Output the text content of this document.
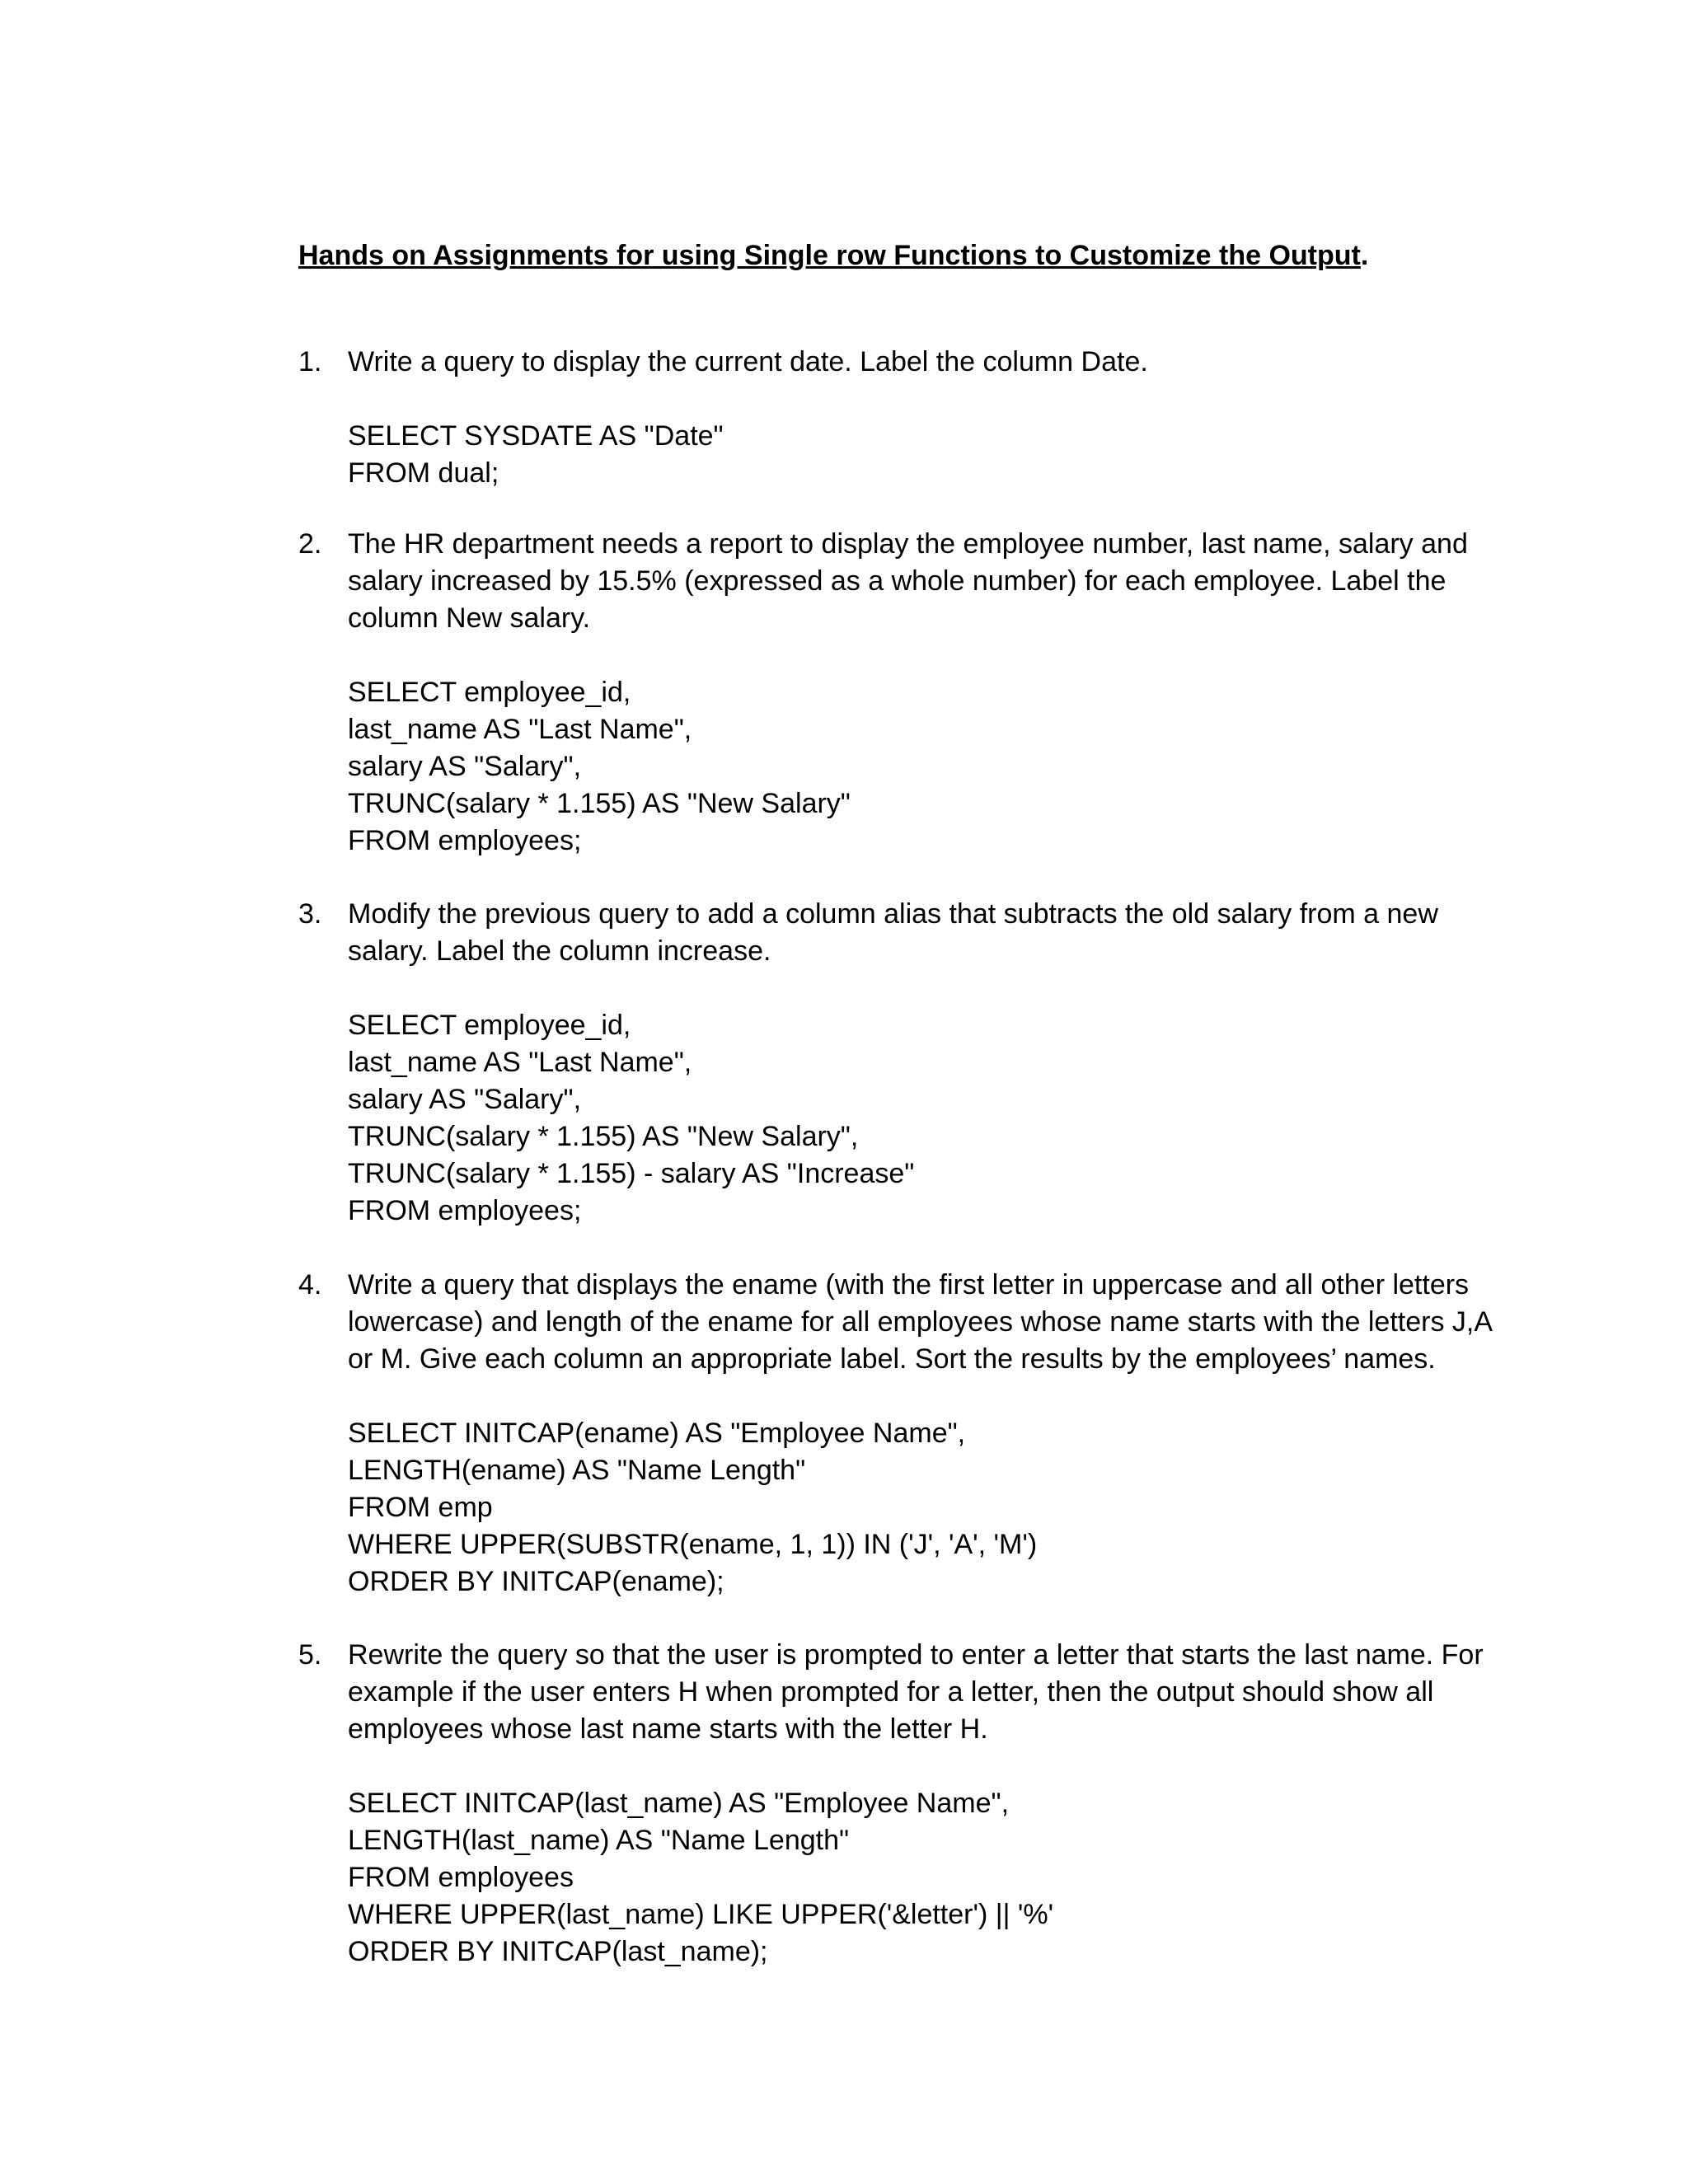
Hands on Assignments for using Single row Functions to Customize the Output.
1. Write a query to display the current date. Label the column Date.
SELECT SYSDATE AS "Date"
FROM dual;
2. The HR department needs a report to display the employee number, last name, salary and salary increased by 15.5% (expressed as a whole number) for each employee. Label the column New salary.
SELECT employee_id,
last_name AS "Last Name",
salary AS "Salary",
TRUNC(salary * 1.155) AS "New Salary"
FROM employees;
3. Modify the previous query to add a column alias that subtracts the old salary from a new salary. Label the column increase.
SELECT employee_id,
last_name AS "Last Name",
salary AS "Salary",
TRUNC(salary * 1.155) AS "New Salary",
TRUNC(salary * 1.155) - salary AS "Increase"
FROM employees;
4. Write a query that displays the ename (with the first letter in uppercase and all other letters lowercase) and length of the ename for all employees whose name starts with the letters J,A or M. Give each column an appropriate label. Sort the results by the employees’ names.
SELECT INITCAP(ename) AS "Employee Name",
LENGTH(ename) AS "Name Length"
FROM emp
WHERE UPPER(SUBSTR(ename, 1, 1)) IN ('J', 'A', 'M')
ORDER BY INITCAP(ename);
5. Rewrite the query so that the user is prompted to enter a letter that starts the last name. For example if the user enters H when prompted for a letter, then the output should show all employees whose last name starts with the letter H.
SELECT INITCAP(last_name) AS "Employee Name",
LENGTH(last_name) AS "Name Length"
FROM employees
WHERE UPPER(last_name) LIKE UPPER('&letter') || '%'
ORDER BY INITCAP(last_name);
